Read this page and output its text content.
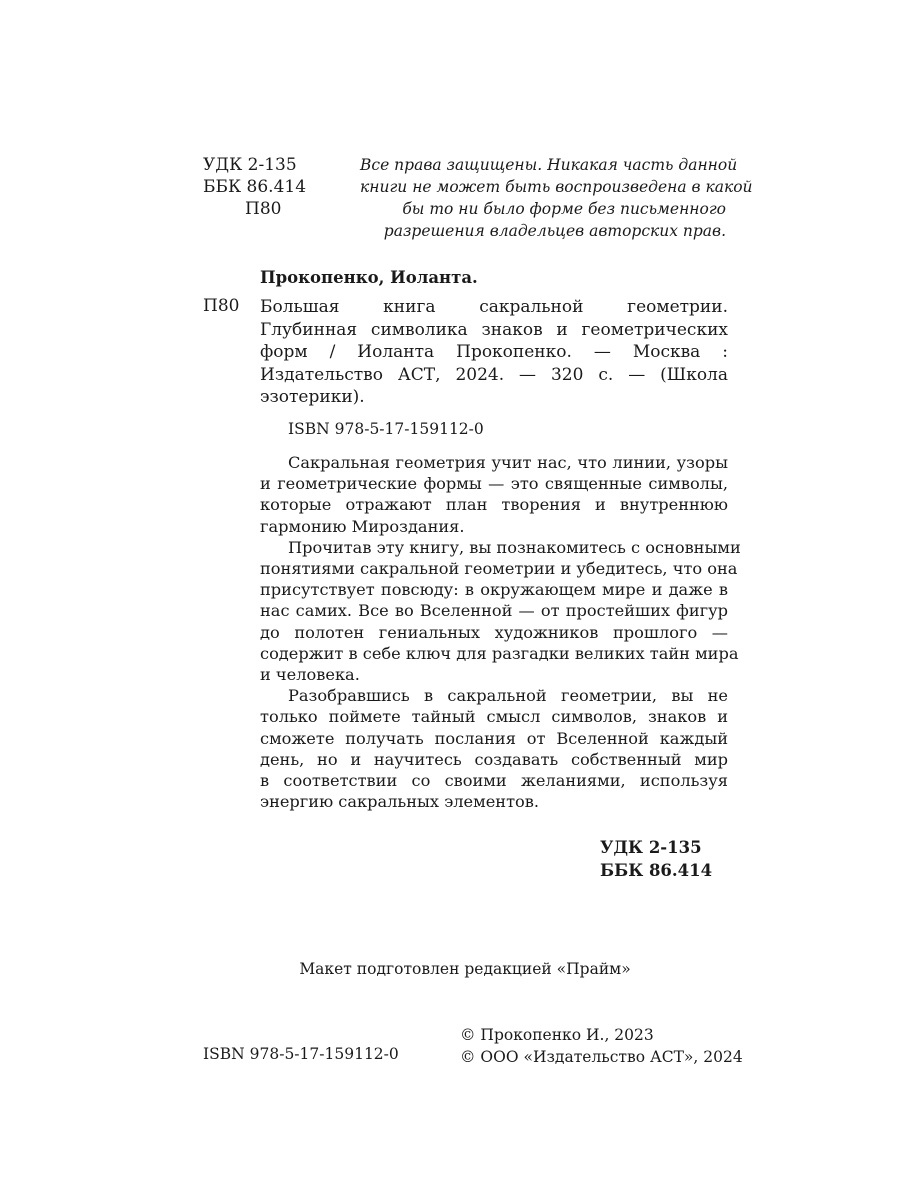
УДК 2-135
ББК 86.414
П80
Все права защищены. Никакая часть данной
книги не может быть воспроизведена в какой
бы то ни было форме без письменного
разрешения владельцев авторских прав.
Прокопенко, Иоланта.
П80 Большая книга сакральной геометрии.
Глубинная символика знаков и геометрических
форм / Иоланта Прокопенко. — Москва :
Издательство АСТ, 2024. — 320 с. — (Школа
эзотерики).
ISBN 978-5-17-159112-0
Сакральная геометрия учит нас, что линии, узоры
и геометрические формы — это священные символы,
которые отражают план творения и внутреннюю
гармонию Мироздания.
Прочитав эту книгу, вы познакомитесь с основными
понятиями сакральной геометрии и убедитесь, что она
присутствует повсюду: в окружающем мире и даже в
нас самих. Все во Вселенной — от простейших фигур
до полотен гениальных художников прошлого —
содержит в себе ключ для разгадки великих тайн мира
и человека.
Разобравшись в сакральной геометрии, вы не
только поймете тайный смысл символов, знаков и
сможете получать послания от Вселенной каждый
день, но и научитесь создавать собственный мир
в соответствии со своими желаниями, используя
энергию сакральных элементов.
УДК 2-135
ББК 86.414
Макет подготовлен редакцией «Прайм»
ISBN 978-5-17-159112-0
© Прокопенко И., 2023
© ООО «Издательство АСТ», 2024
